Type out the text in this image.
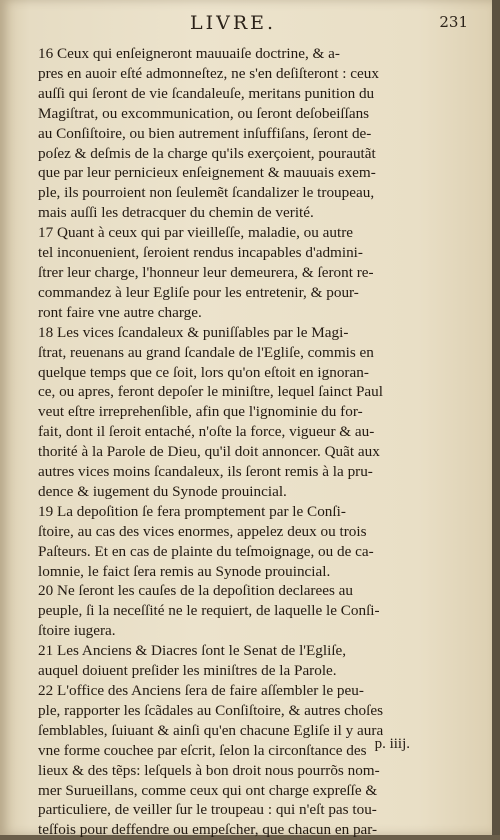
LIVRE.	231
16 Ceux qui enſeigneront mauuaiſe doctrine, & a-
pres en auoir eſté admonneſtez, ne s'en deſiſteront : ceux
auſſi qui ſeront de vie ſcandaleuſe, meritans punition du
Magiſtrat, ou excommunication, ou ſeront deſobeiſſans
au Conſiſtoire, ou bien autrement inſuffiſans, ſeront de-
poſez & deſmis de la charge qu'ils exerçoient, pourautãt
que par leur pernicieux enſeignement & mauuais exem-
ple, ils pourroient non ſeulemẽt ſcandalizer le troupeau,
mais auſſi les detracquer du chemin de verité.
17 Quant à ceux qui par vieilleſſe, maladie, ou autre
tel inconuenient, ſeroient rendus incapables d'admini-
ſtrer leur charge, l'honneur leur demeurera, & ſeront re-
commandez à leur Egliſe pour les entretenir, & pour-
ront faire vne autre charge.
18 Les vices ſcandaleux & puniſſables par le Magi-
ſtrat, reuenans au grand ſcandale de l'Egliſe, commis en
quelque temps que ce ſoit, lors qu'on eſtoit en ignoran-
ce, ou apres, feront depoſer le miniſtre, lequel ſainct Paul
veut eſtre irreprehenſible, afin que l'ignominie du for-
fait, dont il ſeroit entaché, n'oſte la force, vigueur & au-
thorité à la Parole de Dieu, qu'il doit annoncer. Quãt aux
autres vices moins ſcandaleux, ils ſeront remis à la pru-
dence & iugement du Synode prouincial.
19 La depoſition ſe fera promptement par le Conſi-
ſtoire, au cas des vices enormes, appelez deux ou trois
Paſteurs. Et en cas de plainte du teſmoignage, ou de ca-
lomnie, le faict ſera remis au Synode prouincial.
20 Ne ſeront les cauſes de la depoſition declarees au
peuple, ſi la neceſſité ne le requiert, de laquelle le Conſi-
ſtoire iugera.
21 Les Anciens & Diacres ſont le Senat de l'Egliſe,
auquel doiuent preſider les miniſtres de la Parole.
22 L'office des Anciens ſera de faire aſſembler le peu-
ple, rapporter les ſcãdales au Conſiſtoire, & autres choſes
ſemblables, ſuiuant & ainſi qu'en chacune Egliſe il y aura
vne forme couchee par eſcrit, ſelon la circonſtance des
lieux & des tẽps: leſquels à bon droit nous pourrõs nom-
mer Surueillans, comme ceux qui ont charge expreſſe &
particuliere, de veiller ſur le troupeau : qui n'eſt pas tou-
teſfois pour deffendre ou empeſcher, que chacun en par-
p. iiij.
